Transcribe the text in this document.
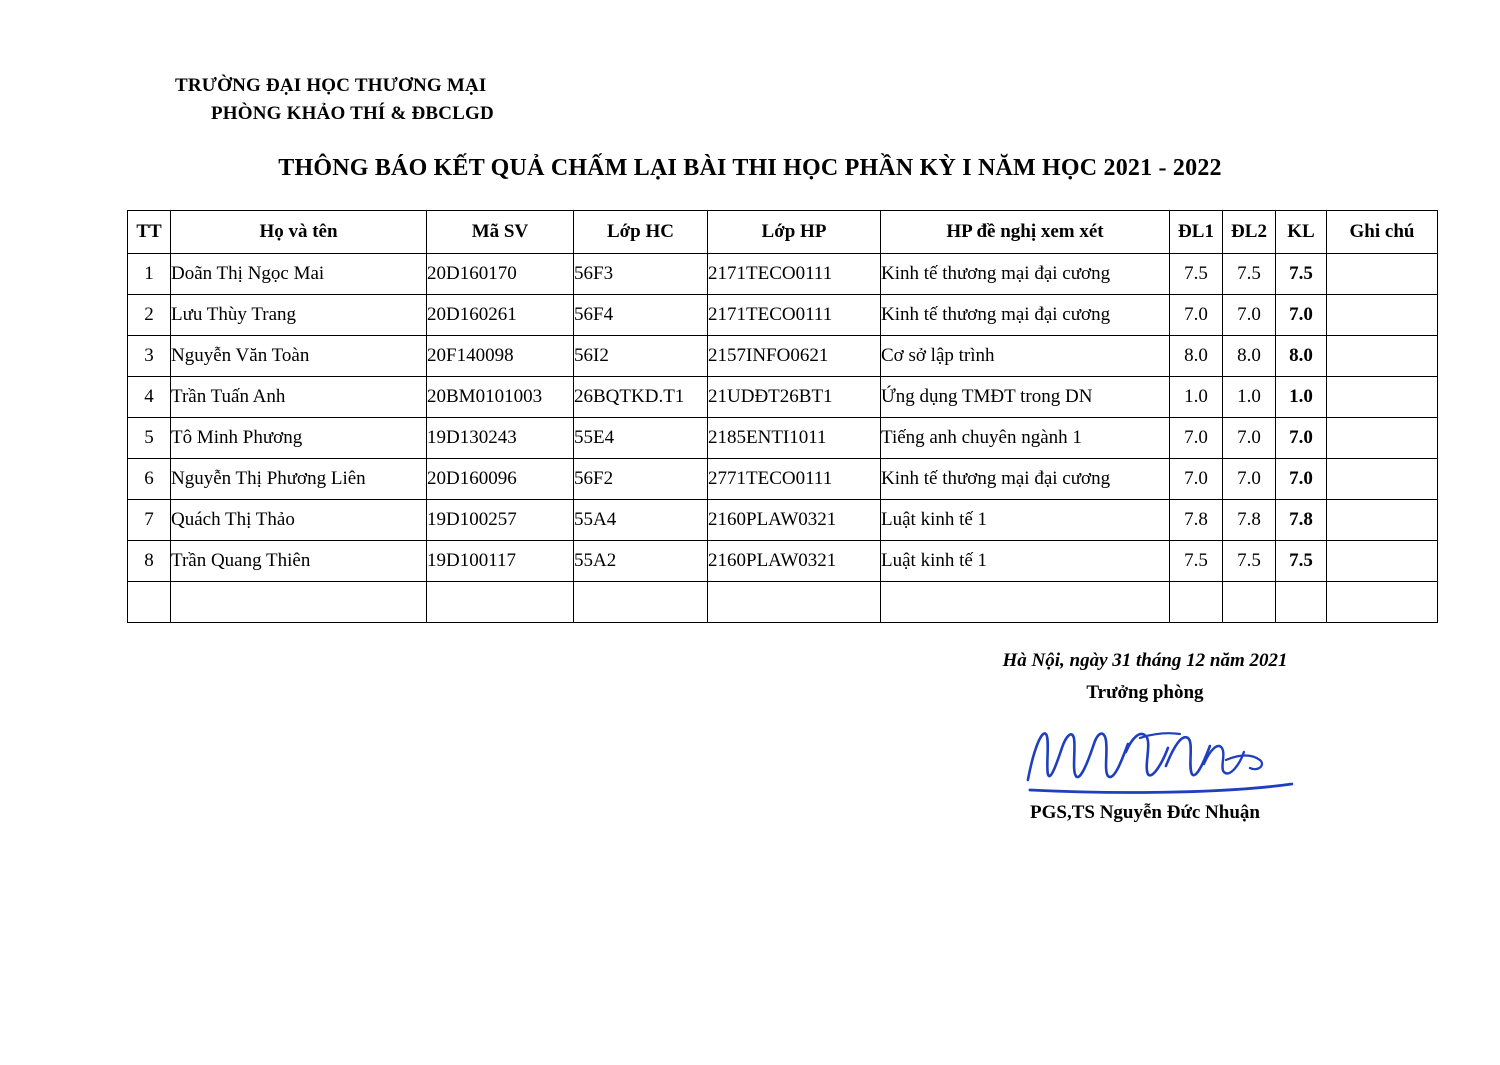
TRƯỜNG ĐẠI HỌC THƯƠNG MẠI
PHÒNG KHẢO THÍ & ĐBCLGD
THÔNG BÁO KẾT QUẢ CHẤM LẠI BÀI THI HỌC PHẦN KỲ I NĂM HỌC 2021 - 2022
TT	Họ và tên	Mã SV	Lớp HC	Lớp HP	HP đề nghị xem xét	ĐL1	ĐL2	KL	Ghi chú
1	Doãn Thị Ngọc Mai	20D160170	56F3	2171TECO0111	Kinh tế thương mại đại cương	7.5	7.5	7.5	
2	Lưu Thùy Trang	20D160261	56F4	2171TECO0111	Kinh tế thương mại đại cương	7.0	7.0	7.0	
3	Nguyễn Văn Toàn	20F140098	56I2	2157INFO0621	Cơ sở lập trình	8.0	8.0	8.0	
4	Trần Tuấn Anh	20BM0101003	26BQTKD.T1	21UDĐT26BT1	Ứng dụng TMĐT trong DN	1.0	1.0	1.0	
5	Tô Minh Phương	19D130243	55E4	2185ENTI1011	Tiếng anh chuyên ngành 1	7.0	7.0	7.0	
6	Nguyễn Thị Phương Liên	20D160096	56F2	2771TECO0111	Kinh tế thương mại đại cương	7.0	7.0	7.0	
7	Quách Thị Thảo	19D100257	55A4	2160PLAW0321	Luật kinh tế 1	7.8	7.8	7.8	
8	Trần Quang Thiên	19D100117	55A2	2160PLAW0321	Luật kinh tế 1	7.5	7.5	7.5	

Hà Nội, ngày 31 tháng 12 năm 2021
Trưởng phòng
PGS,TS Nguyễn Đức Nhuận
